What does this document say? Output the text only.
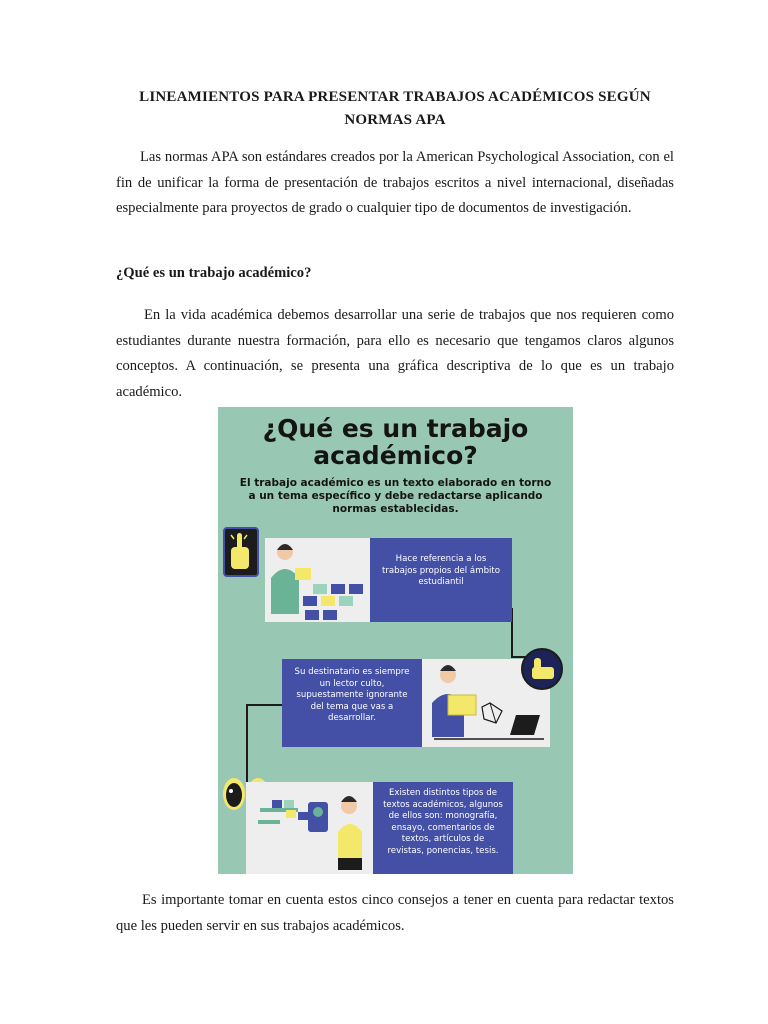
LINEAMIENTOS PARA PRESENTAR TRABAJOS ACADÉMICOS SEGÚN NORMAS APA
Las normas APA son estándares creados por la American Psychological Association, con el fin de unificar la forma de presentación de trabajos escritos a nivel internacional, diseñadas especialmente para proyectos de grado o cualquier tipo de documentos de investigación.
¿Qué es un trabajo académico?
En la vida académica debemos desarrollar una serie de trabajos que nos requieren como estudiantes durante nuestra formación, para ello es necesario que tengamos claros algunos conceptos. A continuación, se presenta una gráfica descriptiva de lo que es un trabajo académico.
¿Qué es un trabajo
académico?
El trabajo académico es un texto elaborado en torno a un tema específico y debe redactarse aplicando normas establecidas.
Hace referencia a los trabajos propios del ámbito estudiantil
Su destinatario es siempre un lector culto, supuestamente ignorante del tema que vas a desarrollar.
Existen distintos tipos de textos académicos, algunos de ellos son: monografía, ensayo, comentarios de textos, artículos de revistas, ponencias, tesis.
Es importante tomar en cuenta estos cinco consejos a tener en cuenta para redactar textos que les pueden servir en sus trabajos académicos.
